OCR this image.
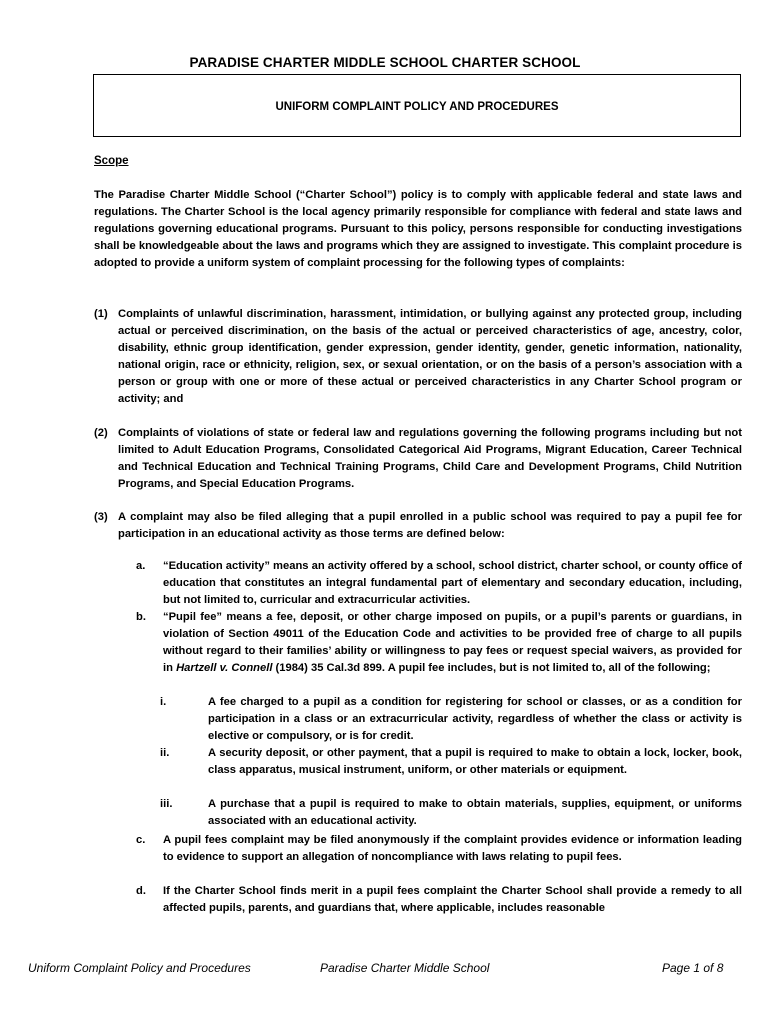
PARADISE CHARTER MIDDLE SCHOOL CHARTER SCHOOL
UNIFORM COMPLAINT POLICY AND PROCEDURES
Scope
The Paradise Charter Middle School (“Charter School”) policy is to comply with applicable federal and state laws and regulations. The Charter School is the local agency primarily responsible for compliance with federal and state laws and regulations governing educational programs. Pursuant to this policy, persons responsible for conducting investigations shall be knowledgeable about the laws and programs which they are assigned to investigate. This complaint procedure is adopted to provide a uniform system of complaint processing for the following types of complaints:
(1) Complaints of unlawful discrimination, harassment, intimidation, or bullying against any protected group, including actual or perceived discrimination, on the basis of the actual or perceived characteristics of age, ancestry, color, disability, ethnic group identification, gender expression, gender identity, gender, genetic information, nationality, national origin, race or ethnicity, religion, sex, or sexual orientation, or on the basis of a person’s association with a person or group with one or more of these actual or perceived characteristics in any Charter School program or activity; and
(2) Complaints of violations of state or federal law and regulations governing the following programs including but not limited to Adult Education Programs, Consolidated Categorical Aid Programs, Migrant Education, Career Technical and Technical Education and Technical Training Programs, Child Care and Development Programs, Child Nutrition Programs, and Special Education Programs.
(3) A complaint may also be filed alleging that a pupil enrolled in a public school was required to pay a pupil fee for participation in an educational activity as those terms are defined below:
a.	“Education activity” means an activity offered by a school, school district, charter school, or county office of education that constitutes an integral fundamental part of elementary and secondary education, including, but not limited to, curricular and extracurricular activities.
b.	“Pupil fee” means a fee, deposit, or other charge imposed on pupils, or a pupil’s parents or guardians, in violation of Section 49011 of the Education Code and activities to be provided free of charge to all pupils without regard to their families’ ability or willingness to pay fees or request special waivers, as provided for in Hartzell v. Connell (1984) 35 Cal.3d 899. A pupil fee includes, but is not limited to, all of the following;
i.	A fee charged to a pupil as a condition for registering for school or classes, or as a condition for participation in a class or an extracurricular activity, regardless of whether the class or activity is elective or compulsory, or is for credit.
ii.	A security deposit, or other payment, that a pupil is required to make to obtain a lock, locker, book, class apparatus, musical instrument, uniform, or other materials or equipment.
iii.	A purchase that a pupil is required to make to obtain materials, supplies, equipment, or uniforms associated with an educational activity.
c.	A pupil fees complaint may be filed anonymously if the complaint provides evidence or information leading to evidence to support an allegation of noncompliance with laws relating to pupil fees.
d.	If the Charter School finds merit in a pupil fees complaint the Charter School shall provide a remedy to all affected pupils, parents, and guardians that, where applicable, includes reasonable
Uniform Complaint Policy and Procedures	Paradise Charter Middle School	Page 1 of 8
